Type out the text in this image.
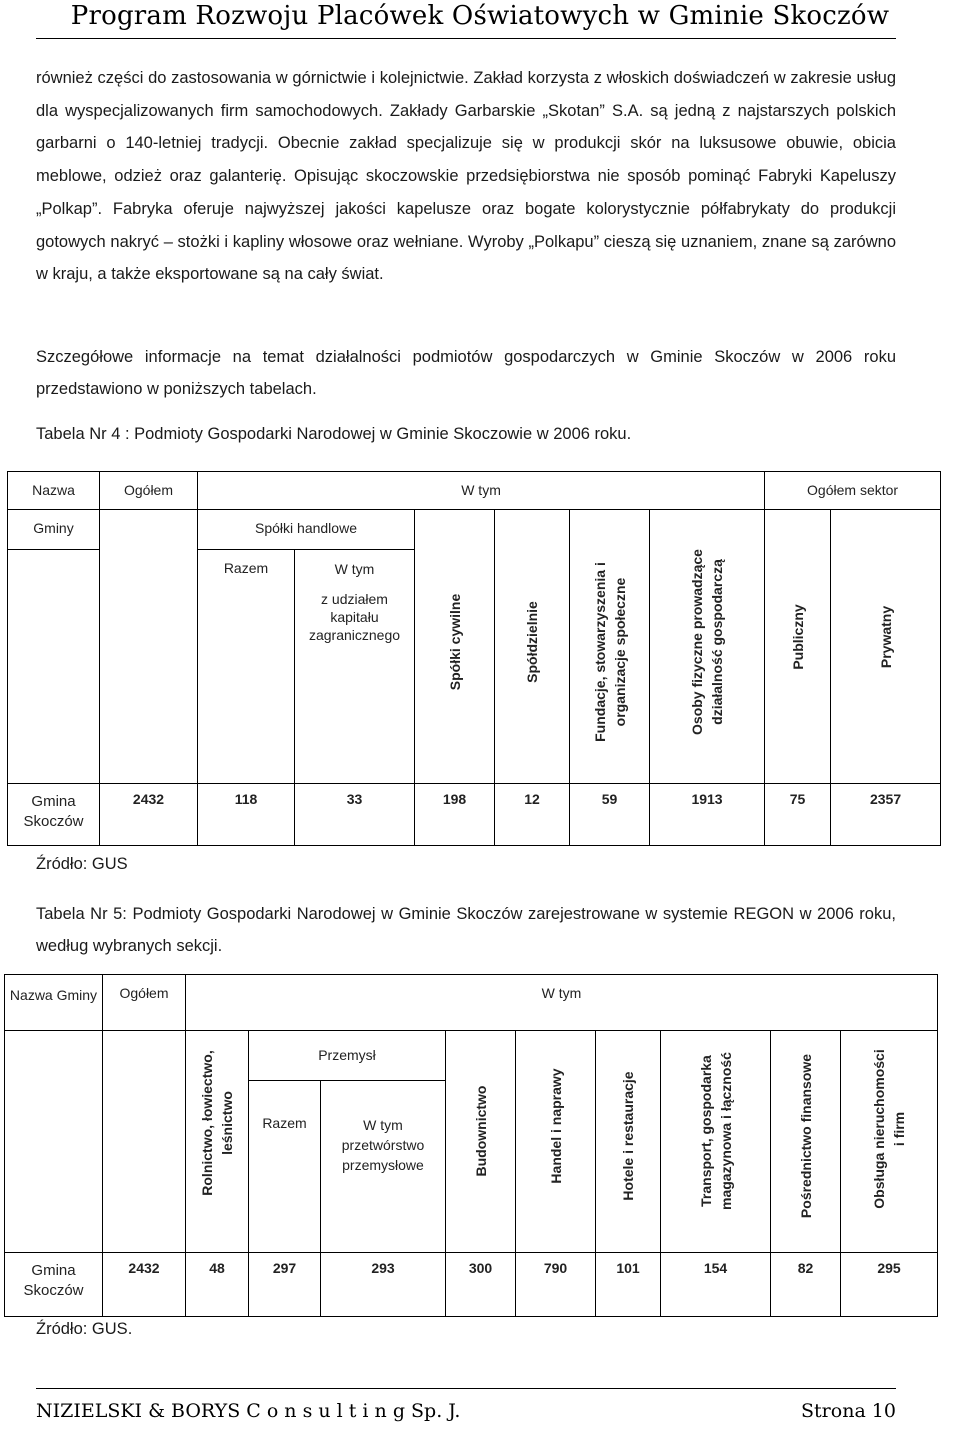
Program Rozwoju Placówek Oświatowych w Gminie Skoczów
również części do zastosowania w górnictwie i kolejnictwie. Zakład korzysta z włoskich doświadczeń w zakresie usług dla wyspecjalizowanych firm samochodowych. Zakłady Garbarskie „Skotan” S.A. są jedną z najstarszych polskich garbarni o 140-letniej tradycji. Obecnie zakład specjalizuje się w produkcji skór na luksusowe obuwie, obicia meblowe, odzież oraz galanterię. Opisując skoczowskie przedsiębiorstwa nie sposób pominąć Fabryki Kapeluszy „Polkap”. Fabryka oferuje najwyższej jakości kapelusze oraz bogate kolorystycznie półfabrykaty do produkcji gotowych nakryć – stożki i kapliny włosowe oraz wełniane. Wyroby „Polkapu” cieszą się uznaniem, znane są zarówno w kraju, a także eksportowane są na cały świat.
Szczegółowe informacje na temat działalności podmiotów gospodarczych w Gminie Skoczów w 2006 roku przedstawiono w poniższych tabelach.
Tabela Nr 4 : Podmioty Gospodarki Narodowej w Gminie Skoczowie w 2006 roku.
Nazwa	Ogółem	W tym						Ogółem sektor	
Gminy		Spółki handlowe		Spółki cywilne	Spółdzielnie	Fundacje, stowarzyszenia i organizacje społeczne	Osoby fizyczne prowadzące działalność gospodarczą	Publiczny	Prywatny

		Razem	W tym
z udziałem kapitału zagranicznego						

Gmina Skoczów	2432	118	33	198	12	59	1913	75	2357
Źródło: GUS
Tabela Nr 5: Podmioty Gospodarki Narodowej w Gminie Skoczów zarejestrowane w systemie REGON w 2006 roku, według wybranych sekcji.
Nazwa Gminy	Ogółem	W tym								

		Rolnictwo, łowiectwo, leśnictwo	Przemysł		Budownictwo	Handel i naprawy	Hotele i restauracje	Transport, gospodarka magazynowa i łączność	Pośrednictwo finansowe	Obsługa nieruchomości i firm

			Razem	W tym przetwórstwo przemysłowe						

Gmina Skoczów	2432	48	297	293	300	790	101	154	82	295
Źródło: GUS.
NIZIELSKI & BORYS C o n s u l t i n g Sp. J.	Strona 10
